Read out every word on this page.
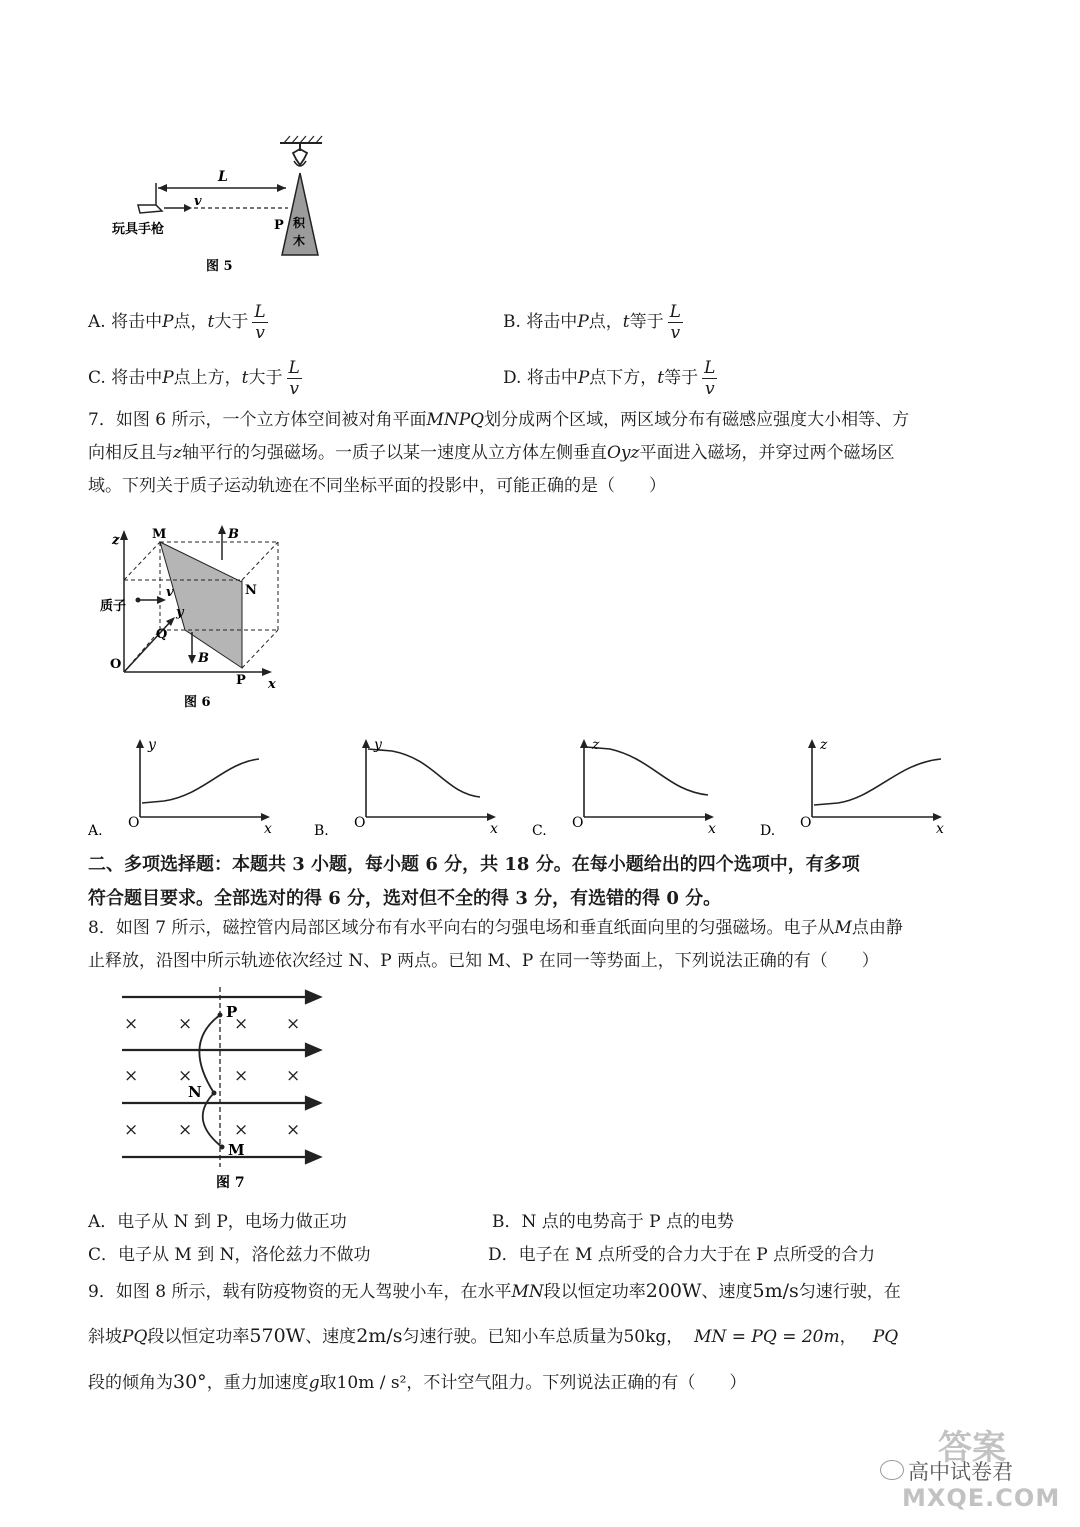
L
v
P
玩具手枪	积
木
图 5
A. 将击中P点，t大于 $\frac{L}{v}$	B. 将击中P点，t等于 $\frac{L}{v}$
C. 将击中P点上方，t大于 $\frac{L}{v}$	D. 将击中P点下方，t等于 $\frac{L}{v}$
7．如图 6 所示，一个立方体空间被对角平面MNPQ划分成两个区域，两区域分布有磁感应强度大小相等、方
向相反且与z轴平行的匀强磁场。一质子以某一速度从立方体左侧垂直Oyz平面进入磁场，并穿过两个磁场区
域。下列关于质子运动轨迹在不同坐标平面的投影中，可能正确的是（　　）
z
y
x
O
M
N
P
Q
B
B
v
质子
图 6
A.
y
x
O	B.
y
x
O	C.
z
x
O	D.
z
x
O
二、多项选择题：本题共 3 小题，每小题 6 分，共 18 分。在每小题给出的四个选项中，有多项
符合题目要求。全部选对的得 6 分，选对但不全的得 3 分，有选错的得 0 分。
8．如图 7 所示，磁控管内局部区域分布有水平向右的匀强电场和垂直纸面向里的匀强磁场。电子从M点由静
止释放，沿图中所示轨迹依次经过 N、P 两点。已知 M、P 在同一等势面上，下列说法正确的有（　　）
× × × ×
× × × ×
× × × ×
P
N
M
图 7
A．电子从 N 到 P，电场力做正功	B．N 点的电势高于 P 点的电势
C．电子从 M 到 N，洛伦兹力不做功	D．电子在 M 点所受的合力大于在 P 点所受的合力
9．如图 8 所示，载有防疫物资的无人驾驶小车，在水平MN段以恒定功率200W、速度5m/s匀速行驶，在
斜坡PQ段以恒定功率570W、速度2m/s匀速行驶。已知小车总质量为50kg， MN = PQ = 20m， PQ
段的倾角为30°，重力加速度g取10m / s²，不计空气阻力。下列说法正确的有（　　）
答案
高中试卷君
MXQE.COM
